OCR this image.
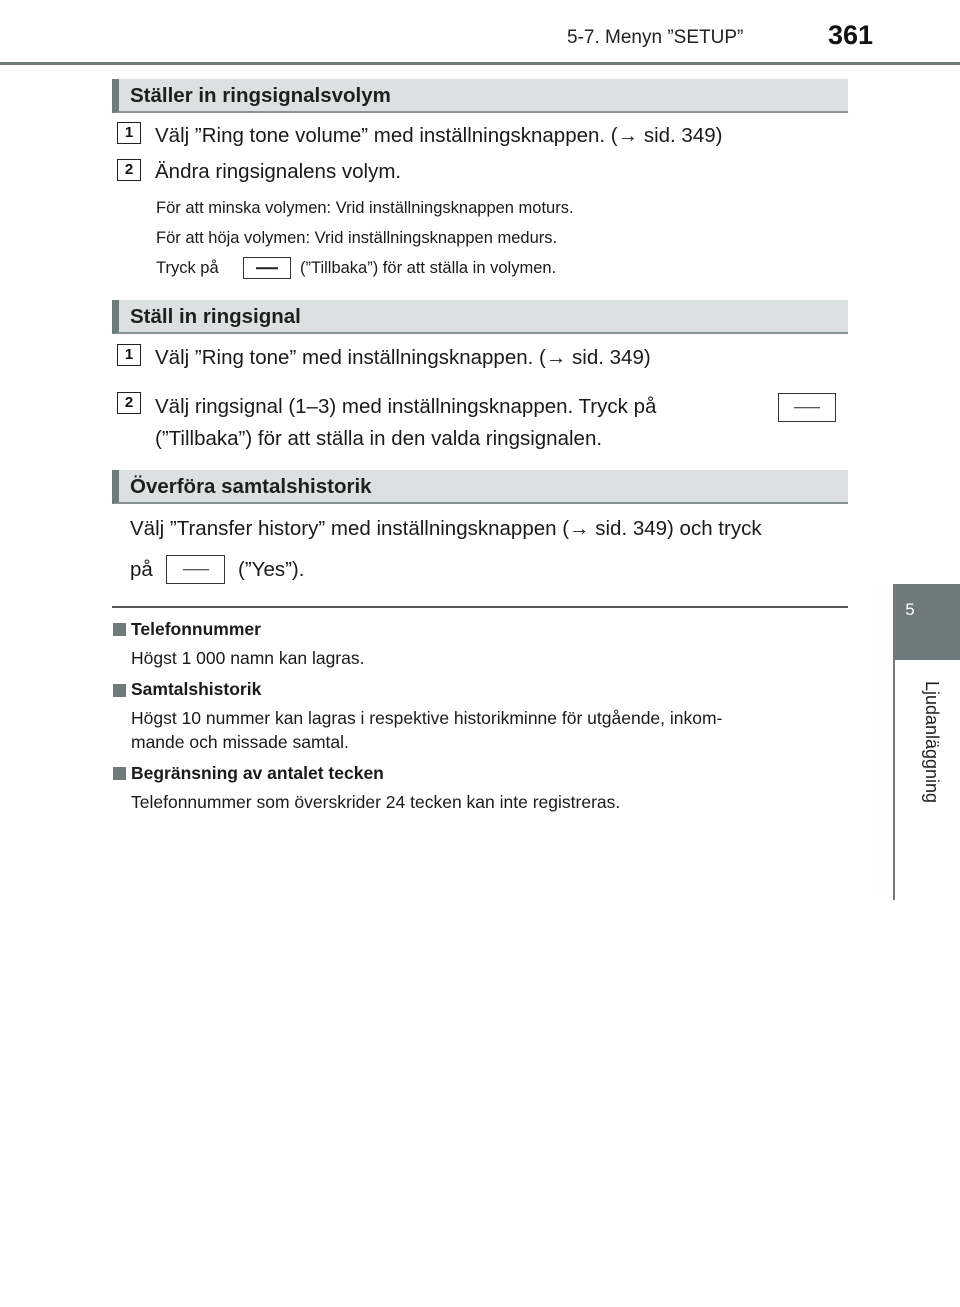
5-7. Menyn ”SETUP”	361
5
Ljudanläggning
Ställer in ringsignalsvolym
1	Välj ”Ring tone volume” med inställningsknappen. (→ sid. 349)
2	Ändra ringsignalens volym.
För att minska volymen: Vrid inställningsknappen moturs.
För att höja volymen: Vrid inställningsknappen medurs.
Tryck på	(”Tillbaka”) för att ställa in volymen.
Ställ in ringsignal
1	Välj ”Ring tone” med inställningsknappen. (→ sid. 349)
2	Välj ringsignal (1–3) med inställningsknappen. Tryck på
(”Tillbaka”) för att ställa in den valda ringsignalen.
Överföra samtalshistorik
Välj ”Transfer history” med inställningsknappen (→ sid. 349) och tryck
på	(”Yes”).
Telefonnummer
Högst 1 000 namn kan lagras.
Samtalshistorik
Högst 10 nummer kan lagras i respektive historikminne för utgående, inkom-
mande och missade samtal.
Begränsning av antalet tecken
Telefonnummer som överskrider 24 tecken kan inte registreras.
